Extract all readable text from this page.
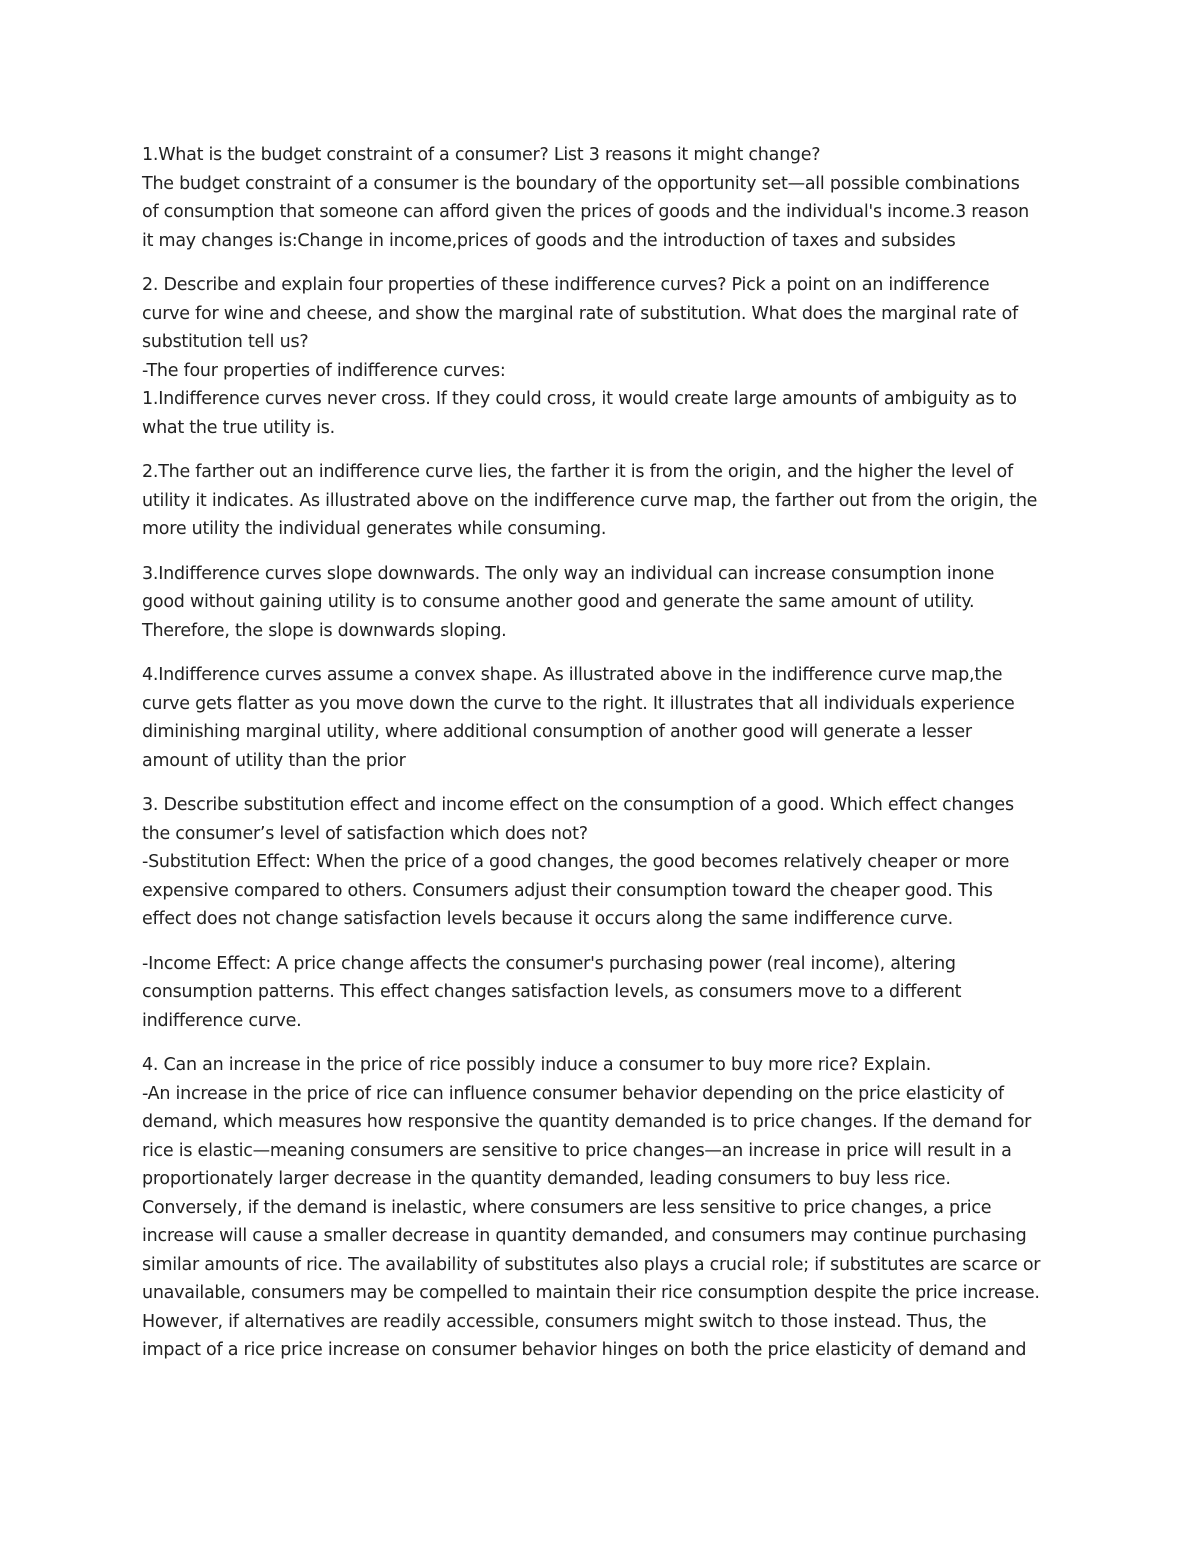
1.What is the budget constraint of a consumer? List 3 reasons it might change?
The budget constraint of a consumer is the boundary of the opportunity set—all possible combinations
of consumption that someone can afford given the prices of goods and the individual's income.3 reason
it may changes is:Change in income,prices of goods and the introduction of taxes and subsides
2. Describe and explain four properties of these indifference curves? Pick a point on an indifference
curve for wine and cheese, and show the marginal rate of substitution. What does the marginal rate of
substitution tell us?
-The four properties of indifference curves:
1.Indifference curves never cross. If they could cross, it would create large amounts of ambiguity as to
what the true utility is.
2.The farther out an indifference curve lies, the farther it is from the origin, and the higher the level of
utility it indicates. As illustrated above on the indifference curve map, the farther out from the origin, the
more utility the individual generates while consuming.
3.Indifference curves slope downwards. The only way an individual can increase consumption inone
good without gaining utility is to consume another good and generate the same amount of utility.
Therefore, the slope is downwards sloping.
4.Indifference curves assume a convex shape. As illustrated above in the indifference curve map,the
curve gets flatter as you move down the curve to the right. It illustrates that all individuals experience
diminishing marginal utility, where additional consumption of another good will generate a lesser
amount of utility than the prior
3. Describe substitution effect and income effect on the consumption of a good. Which effect changes
the consumer’s level of satisfaction which does not?
-Substitution Effect: When the price of a good changes, the good becomes relatively cheaper or more
expensive compared to others. Consumers adjust their consumption toward the cheaper good. This
effect does not change satisfaction levels because it occurs along the same indifference curve.
-Income Effect: A price change affects the consumer's purchasing power (real income), altering
consumption patterns. This effect changes satisfaction levels, as consumers move to a different
indifference curve.
4. Can an increase in the price of rice possibly induce a consumer to buy more rice? Explain.
-An increase in the price of rice can influence consumer behavior depending on the price elasticity of
demand, which measures how responsive the quantity demanded is to price changes. If the demand for
rice is elastic—meaning consumers are sensitive to price changes—an increase in price will result in a
proportionately larger decrease in the quantity demanded, leading consumers to buy less rice.
Conversely, if the demand is inelastic, where consumers are less sensitive to price changes, a price
increase will cause a smaller decrease in quantity demanded, and consumers may continue purchasing
similar amounts of rice. The availability of substitutes also plays a crucial role; if substitutes are scarce or
unavailable, consumers may be compelled to maintain their rice consumption despite the price increase.
However, if alternatives are readily accessible, consumers might switch to those instead. Thus, the
impact of a rice price increase on consumer behavior hinges on both the price elasticity of demand and
